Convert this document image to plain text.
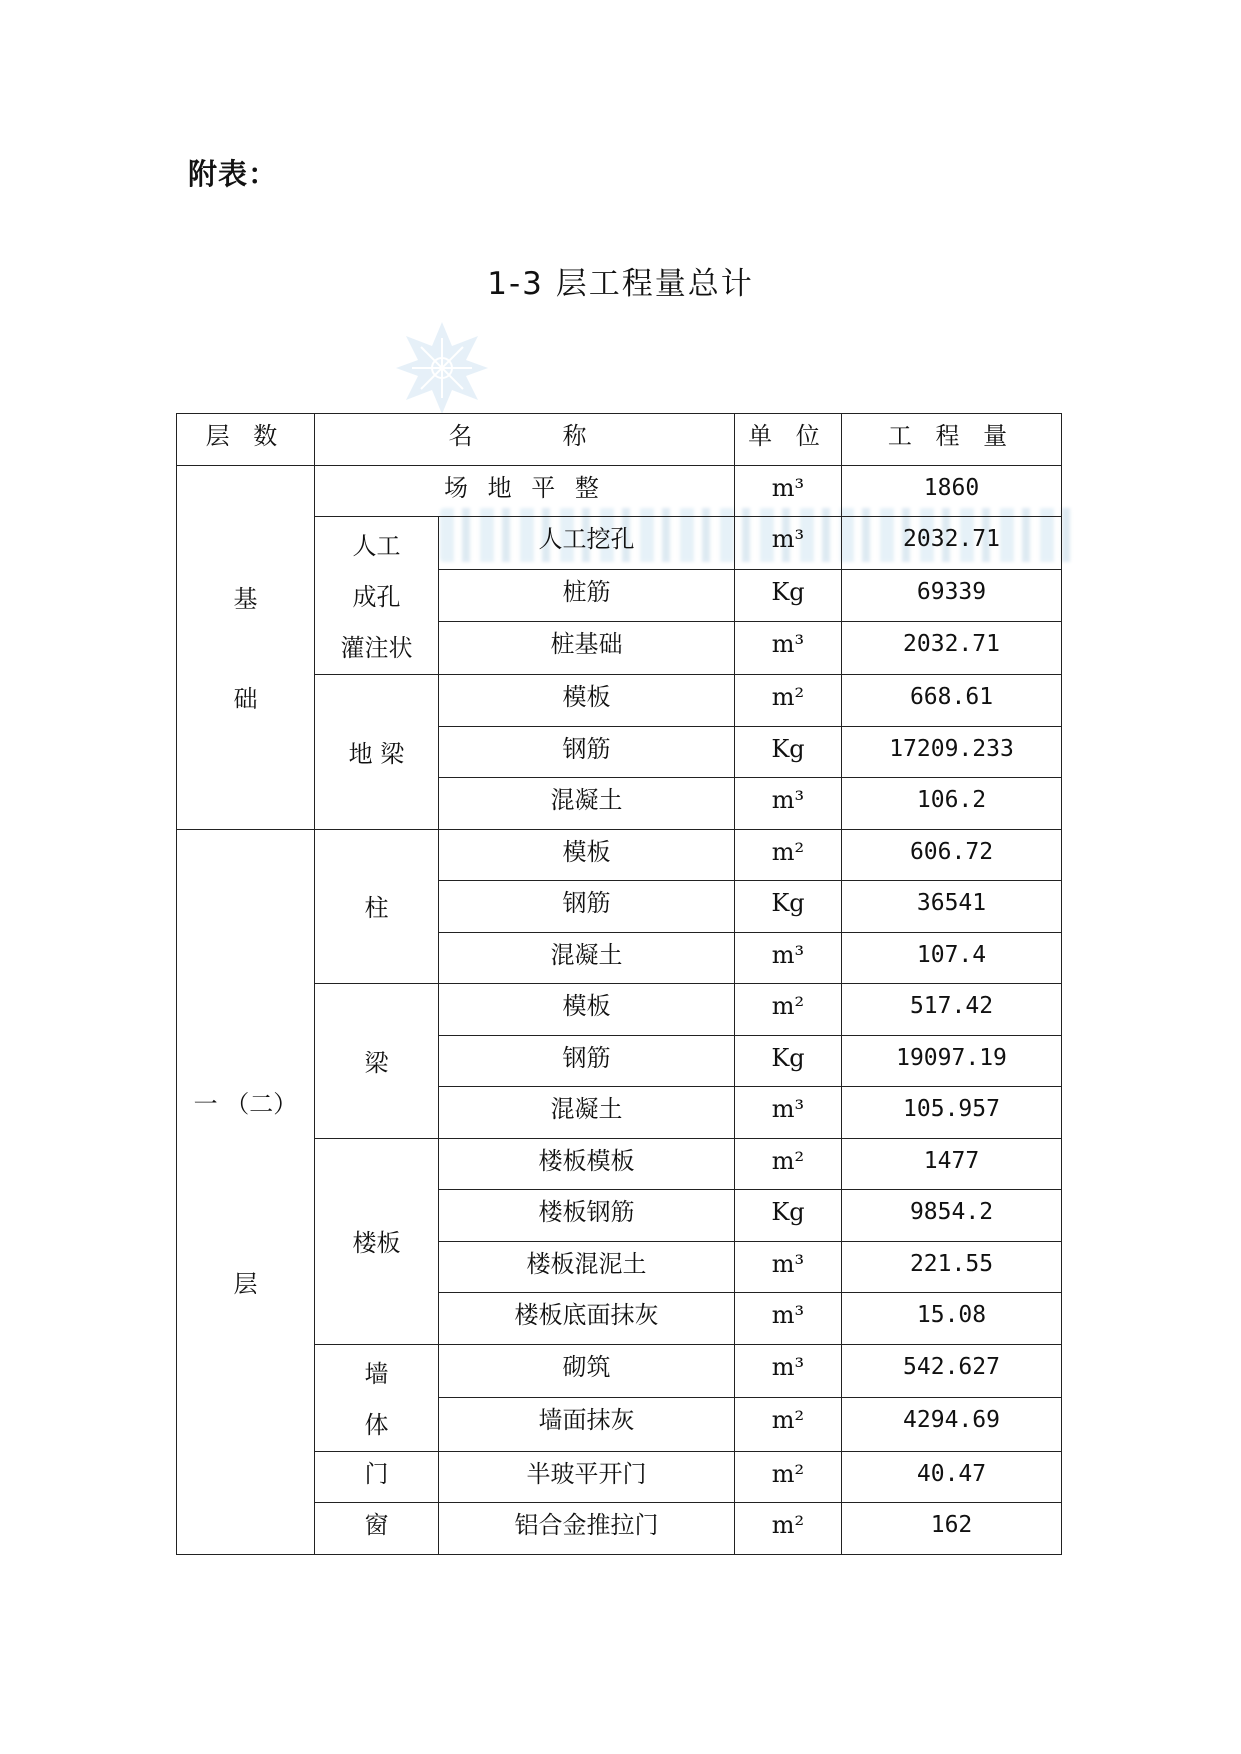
附表：
1-3 层工程量总计
层 数	名　　称		单 位	工 程 量

基
础	场 地 平 整		m³	1860

	人工
成孔
灌注状	人工挖孔	m³	2032.71
		桩筋	Kg	69339
		桩基础	m³	2032.71
	地 梁	模板	m²	668.61
		钢筋	Kg	17209.233
		混凝土	m³	106.2

一 （二）
层	柱	模板	m²	606.72
		钢筋	Kg	36541
		混凝土	m³	107.4
	梁	模板	m²	517.42
		钢筋	Kg	19097.19
		混凝土	m³	105.957
	楼板	楼板模板	m²	1477
		楼板钢筋	Kg	9854.2
		楼板混泥土	m³	221.55
		楼板底面抹灰	m³	15.08

	墙
体	砌筑	m³	542.627
		墙面抹灰	m²	4294.69
	门	半玻平开门	m²	40.47
	窗	铝合金推拉门	m²	162
